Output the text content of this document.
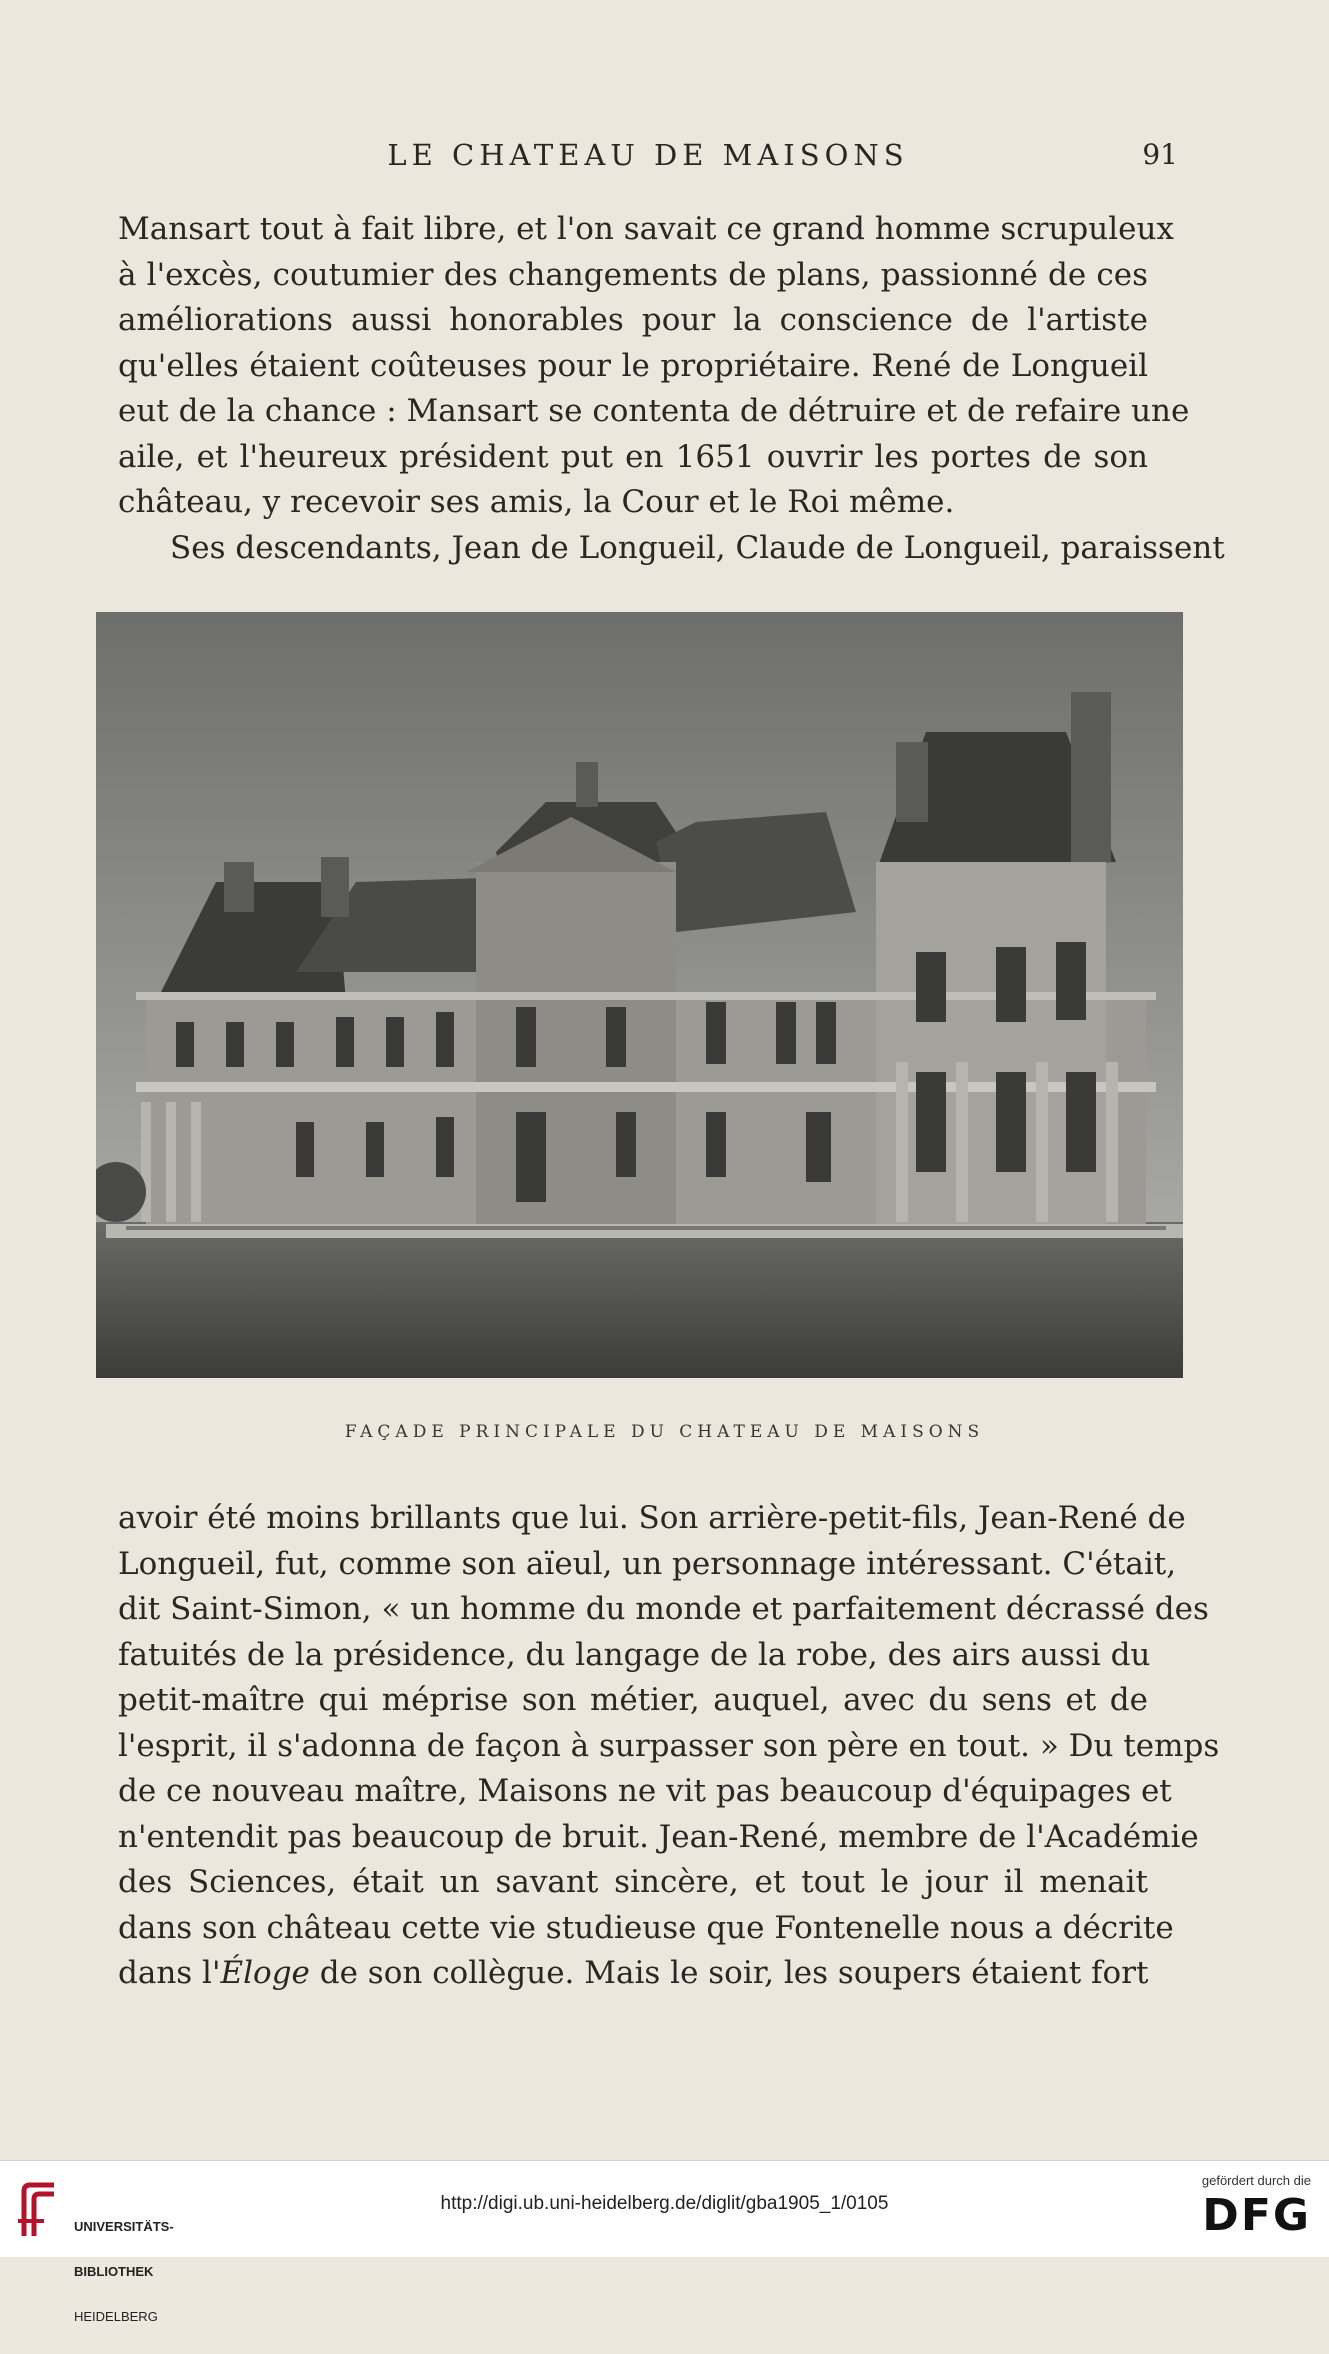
LE CHATEAU DE MAISONS	91
Mansart tout à fait libre, et l'on savait ce grand homme scrupuleux
à l'excès, coutumier des changements de plans, passionné de ces
améliorations aussi honorables pour la conscience de l'artiste
qu'elles étaient coûteuses pour le propriétaire. René de Longueil
eut de la chance : Mansart se contenta de détruire et de refaire une
aile, et l'heureux président put en 1651 ouvrir les portes de son
château, y recevoir ses amis, la Cour et le Roi même.
Ses descendants, Jean de Longueil, Claude de Longueil, paraissent
FAÇADE PRINCIPALE DU CHATEAU DE MAISONS
avoir été moins brillants que lui. Son arrière-petit-fils, Jean-René de
Longueil, fut, comme son aïeul, un personnage intéressant. C'était,
dit Saint-Simon, « un homme du monde et parfaitement décrassé des
fatuités de la présidence, du langage de la robe, des airs aussi du
petit-maître qui méprise son métier, auquel, avec du sens et de
l'esprit, il s'adonna de façon à surpasser son père en tout. » Du temps
de ce nouveau maître, Maisons ne vit pas beaucoup d'équipages et
n'entendit pas beaucoup de bruit. Jean-René, membre de l'Académie
des Sciences, était un savant sincère, et tout le jour il menait
dans son château cette vie studieuse que Fontenelle nous a décrite
dans l'Éloge de son collègue. Mais le soir, les soupers étaient fort

UNIVERSITÄTS-

BIBLIOTHEK

HEIDELBERG

http://digi.ub.uni-heidelberg.de/diglit/gba1905_1/0105
gefördert durch die
DFG
